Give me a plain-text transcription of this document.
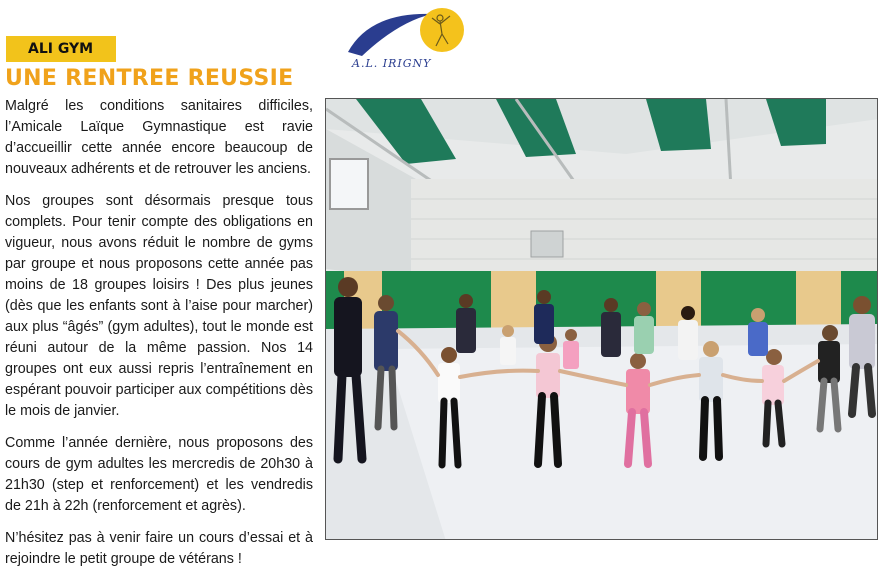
ALI GYM
UNE RENTREE REUSSIE

Malgré les conditions sanitaires difficiles, l’Amicale Laïque Gymnastique est ravie d’accueillir cette année encore beaucoup de nouveaux adhérents et de retrouver les anciens.

Nos groupes sont désormais presque tous complets. Pour tenir compte des obligations en vigueur, nous avons réduit le nombre de gyms par groupe et nous proposons cette année pas moins de 18 groupes loisirs ! Des plus jeunes (dès que les enfants sont à l’aise pour marcher) aux plus “âgés” (gym adultes), tout le monde est réuni autour de la même passion. Nos 14 groupes ont eux aussi repris l’entraînement en espérant pouvoir participer aux compétitions dès le mois de janvier.

Comme l’année dernière, nous proposons des cours de gym adultes les mercredis de 20h30 à 21h30 (step et renforcement) et les vendredis de 21h à 22h (renforcement et agrès).

N’hésitez pas à venir faire un cours d’essai et à rejoindre le petit groupe de vétérans !

A.L. IRIGNY
